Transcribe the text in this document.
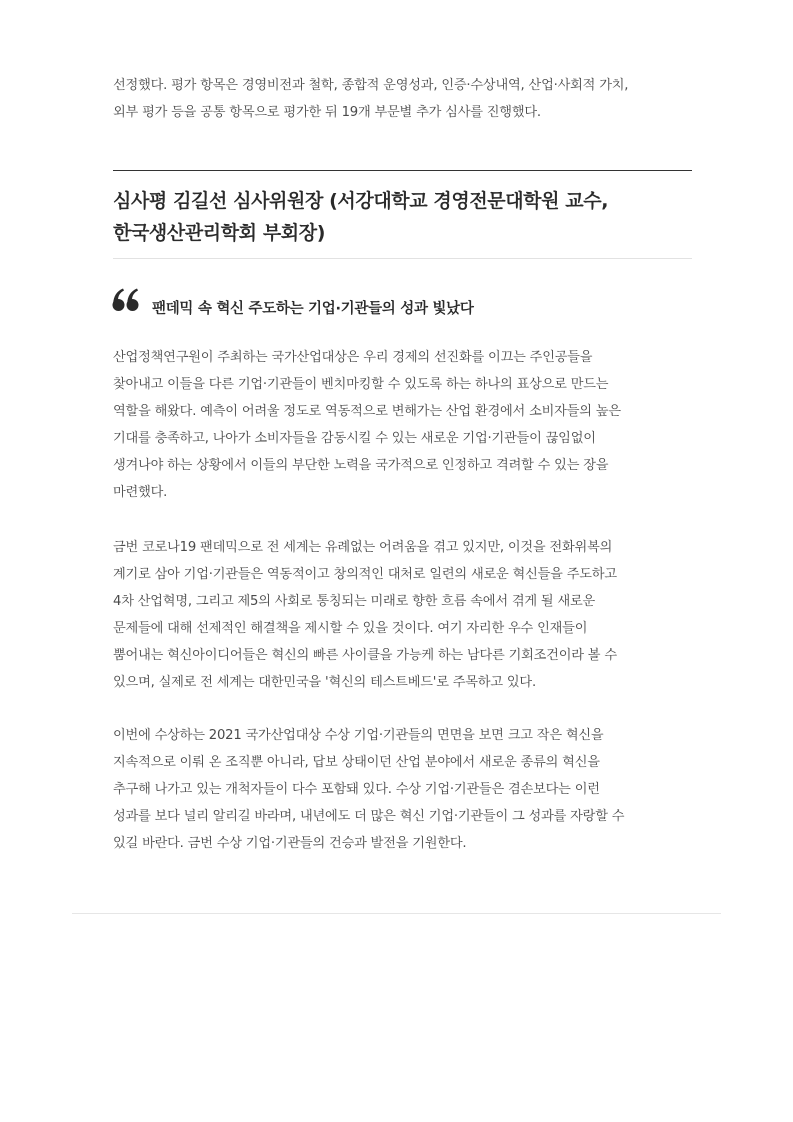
선정했다. 평가 항목은 경영비전과 철학, 종합적 운영성과, 인증·수상내역, 산업·사회적 가치,
외부 평가 등을 공통 항목으로 평가한 뒤 19개 부문별 추가 심사를 진행했다.
심사평 김길선 심사위원장 (서강대학교 경영전문대학원 교수,
한국생산관리학회 부회장)
팬데믹 속 혁신 주도하는 기업·기관들의 성과 빛났다
산업정책연구원이 주최하는 국가산업대상은 우리 경제의 선진화를 이끄는 주인공들을
찾아내고 이들을 다른 기업·기관들이 벤치마킹할 수 있도록 하는 하나의 표상으로 만드는
역할을 해왔다. 예측이 어려울 정도로 역동적으로 변해가는 산업 환경에서 소비자들의 높은
기대를 충족하고, 나아가 소비자들을 감동시킬 수 있는 새로운 기업·기관들이 끊임없이
생겨나야 하는 상황에서 이들의 부단한 노력을 국가적으로 인정하고 격려할 수 있는 장을
마련했다.
금번 코로나19 팬데믹으로 전 세계는 유례없는 어려움을 겪고 있지만, 이것을 전화위복의
계기로 삼아 기업·기관들은 역동적이고 창의적인 대처로 일련의 새로운 혁신들을 주도하고
4차 산업혁명, 그리고 제5의 사회로 통칭되는 미래로 향한 흐름 속에서 겪게 될 새로운
문제들에 대해 선제적인 해결책을 제시할 수 있을 것이다. 여기 자리한 우수 인재들이
뿜어내는 혁신아이디어들은 혁신의 빠른 사이클을 가능케 하는 남다른 기회조건이라 볼 수
있으며, 실제로 전 세계는 대한민국을 '혁신의 테스트베드'로 주목하고 있다.
이번에 수상하는 2021 국가산업대상 수상 기업·기관들의 면면을 보면 크고 작은 혁신을
지속적으로 이뤄 온 조직뿐 아니라, 답보 상태이던 산업 분야에서 새로운 종류의 혁신을
추구해 나가고 있는 개척자들이 다수 포함돼 있다. 수상 기업·기관들은 겸손보다는 이런
성과를 보다 널리 알리길 바라며, 내년에도 더 많은 혁신 기업·기관들이 그 성과를 자랑할 수
있길 바란다. 금번 수상 기업·기관들의 건승과 발전을 기원한다.
